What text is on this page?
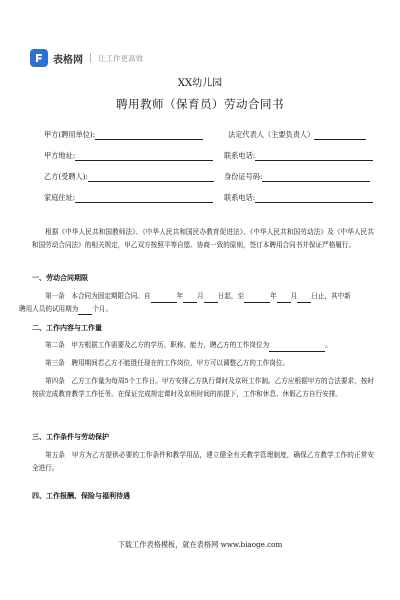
表格网 让工作更高效
XX幼儿园
聘用教师（保育员）劳动合同书
甲方(聘用单位):	法定代表人（主要负责人）
甲方地址:	联系电话:
乙方(受聘人):	身份证号码:
家庭住址:	联系电话:
根据《中华人民共和国教师法》、《中华人民共和国民办教育促进法》、《中华人民共和国劳动法》及《中华人民共和国劳动合同法》的相关规定，甲乙双方按照平等自愿、协商一致的原则，签订本聘用合同书并保证严格履行。
一、劳动合同期限
第一条　本合同为固定期限合同。自	年 月 日起，至	年 月 日止，其中新
聘用人员的试用期为 个月。
二、工作内容与工作量
第二条　甲方根据工作需要及乙方的学历、职称、能力，聘乙方的工作岗位为	。
第三条　聘用期间若乙方不能胜任现在的工作岗位，甲方可以调整乙方的工作岗位。
第四条　乙方工作量为每周5个工作日。甲方安排乙方执行课时及京班工作制。乙方应根据甲方的合法要求，按时按质完成教育教学工作任务。在保证完成规定课时及京班时间的前提下，工作和休息、休假乙方自行安排。
三、工作条件与劳动保护
第五条　甲方为乙方提供必要的工作条件和教学用品，建立健全有关教学管理制度，确保乙方教学工作的正常安全进行。
四、工作报酬、保险与福利待遇
下载工作表格模板，就在表格网 www.biaoge.com
